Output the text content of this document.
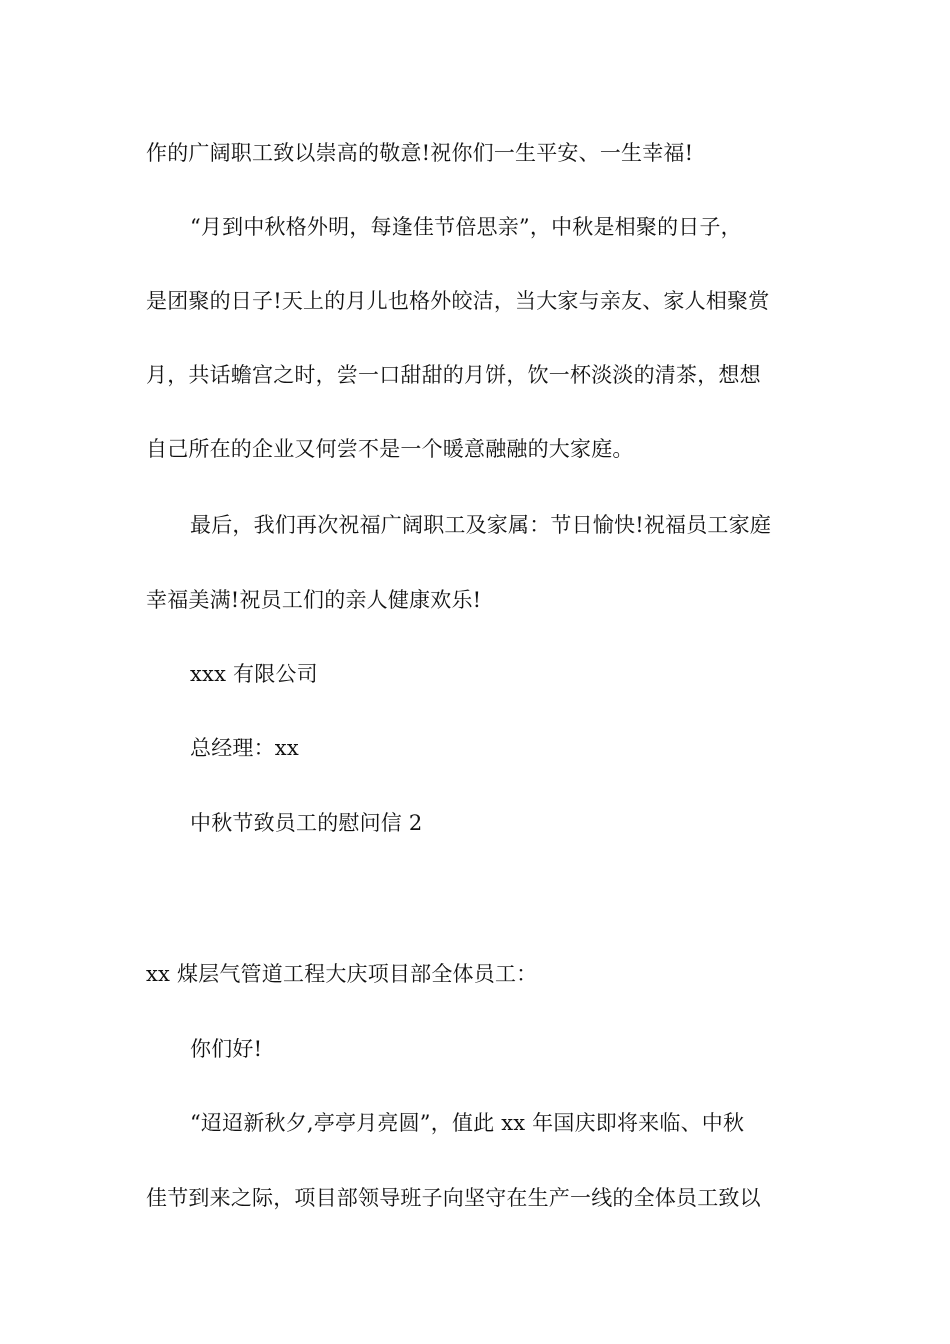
作的广阔职工致以崇高的敬意!祝你们一生平安、一生幸福!
“月到中秋格外明，每逢佳节倍思亲”，中秋是相聚的日子，
是团聚的日子!天上的月儿也格外皎洁，当大家与亲友、家人相聚赏
月，共话蟾宫之时，尝一口甜甜的月饼，饮一杯淡淡的清茶，想想
自己所在的企业又何尝不是一个暖意融融的大家庭。
最后，我们再次祝福广阔职工及家属：节日愉快!祝福员工家庭
幸福美满!祝员工们的亲人健康欢乐!
xxx 有限公司
总经理：xx
中秋节致员工的慰问信 2
xx 煤层气管道工程大庆项目部全体员工：
你们好!
“迢迢新秋夕,亭亭月亮圆”，值此 xx 年国庆即将来临、中秋
佳节到来之际，项目部领导班子向坚守在生产一线的全体员工致以
